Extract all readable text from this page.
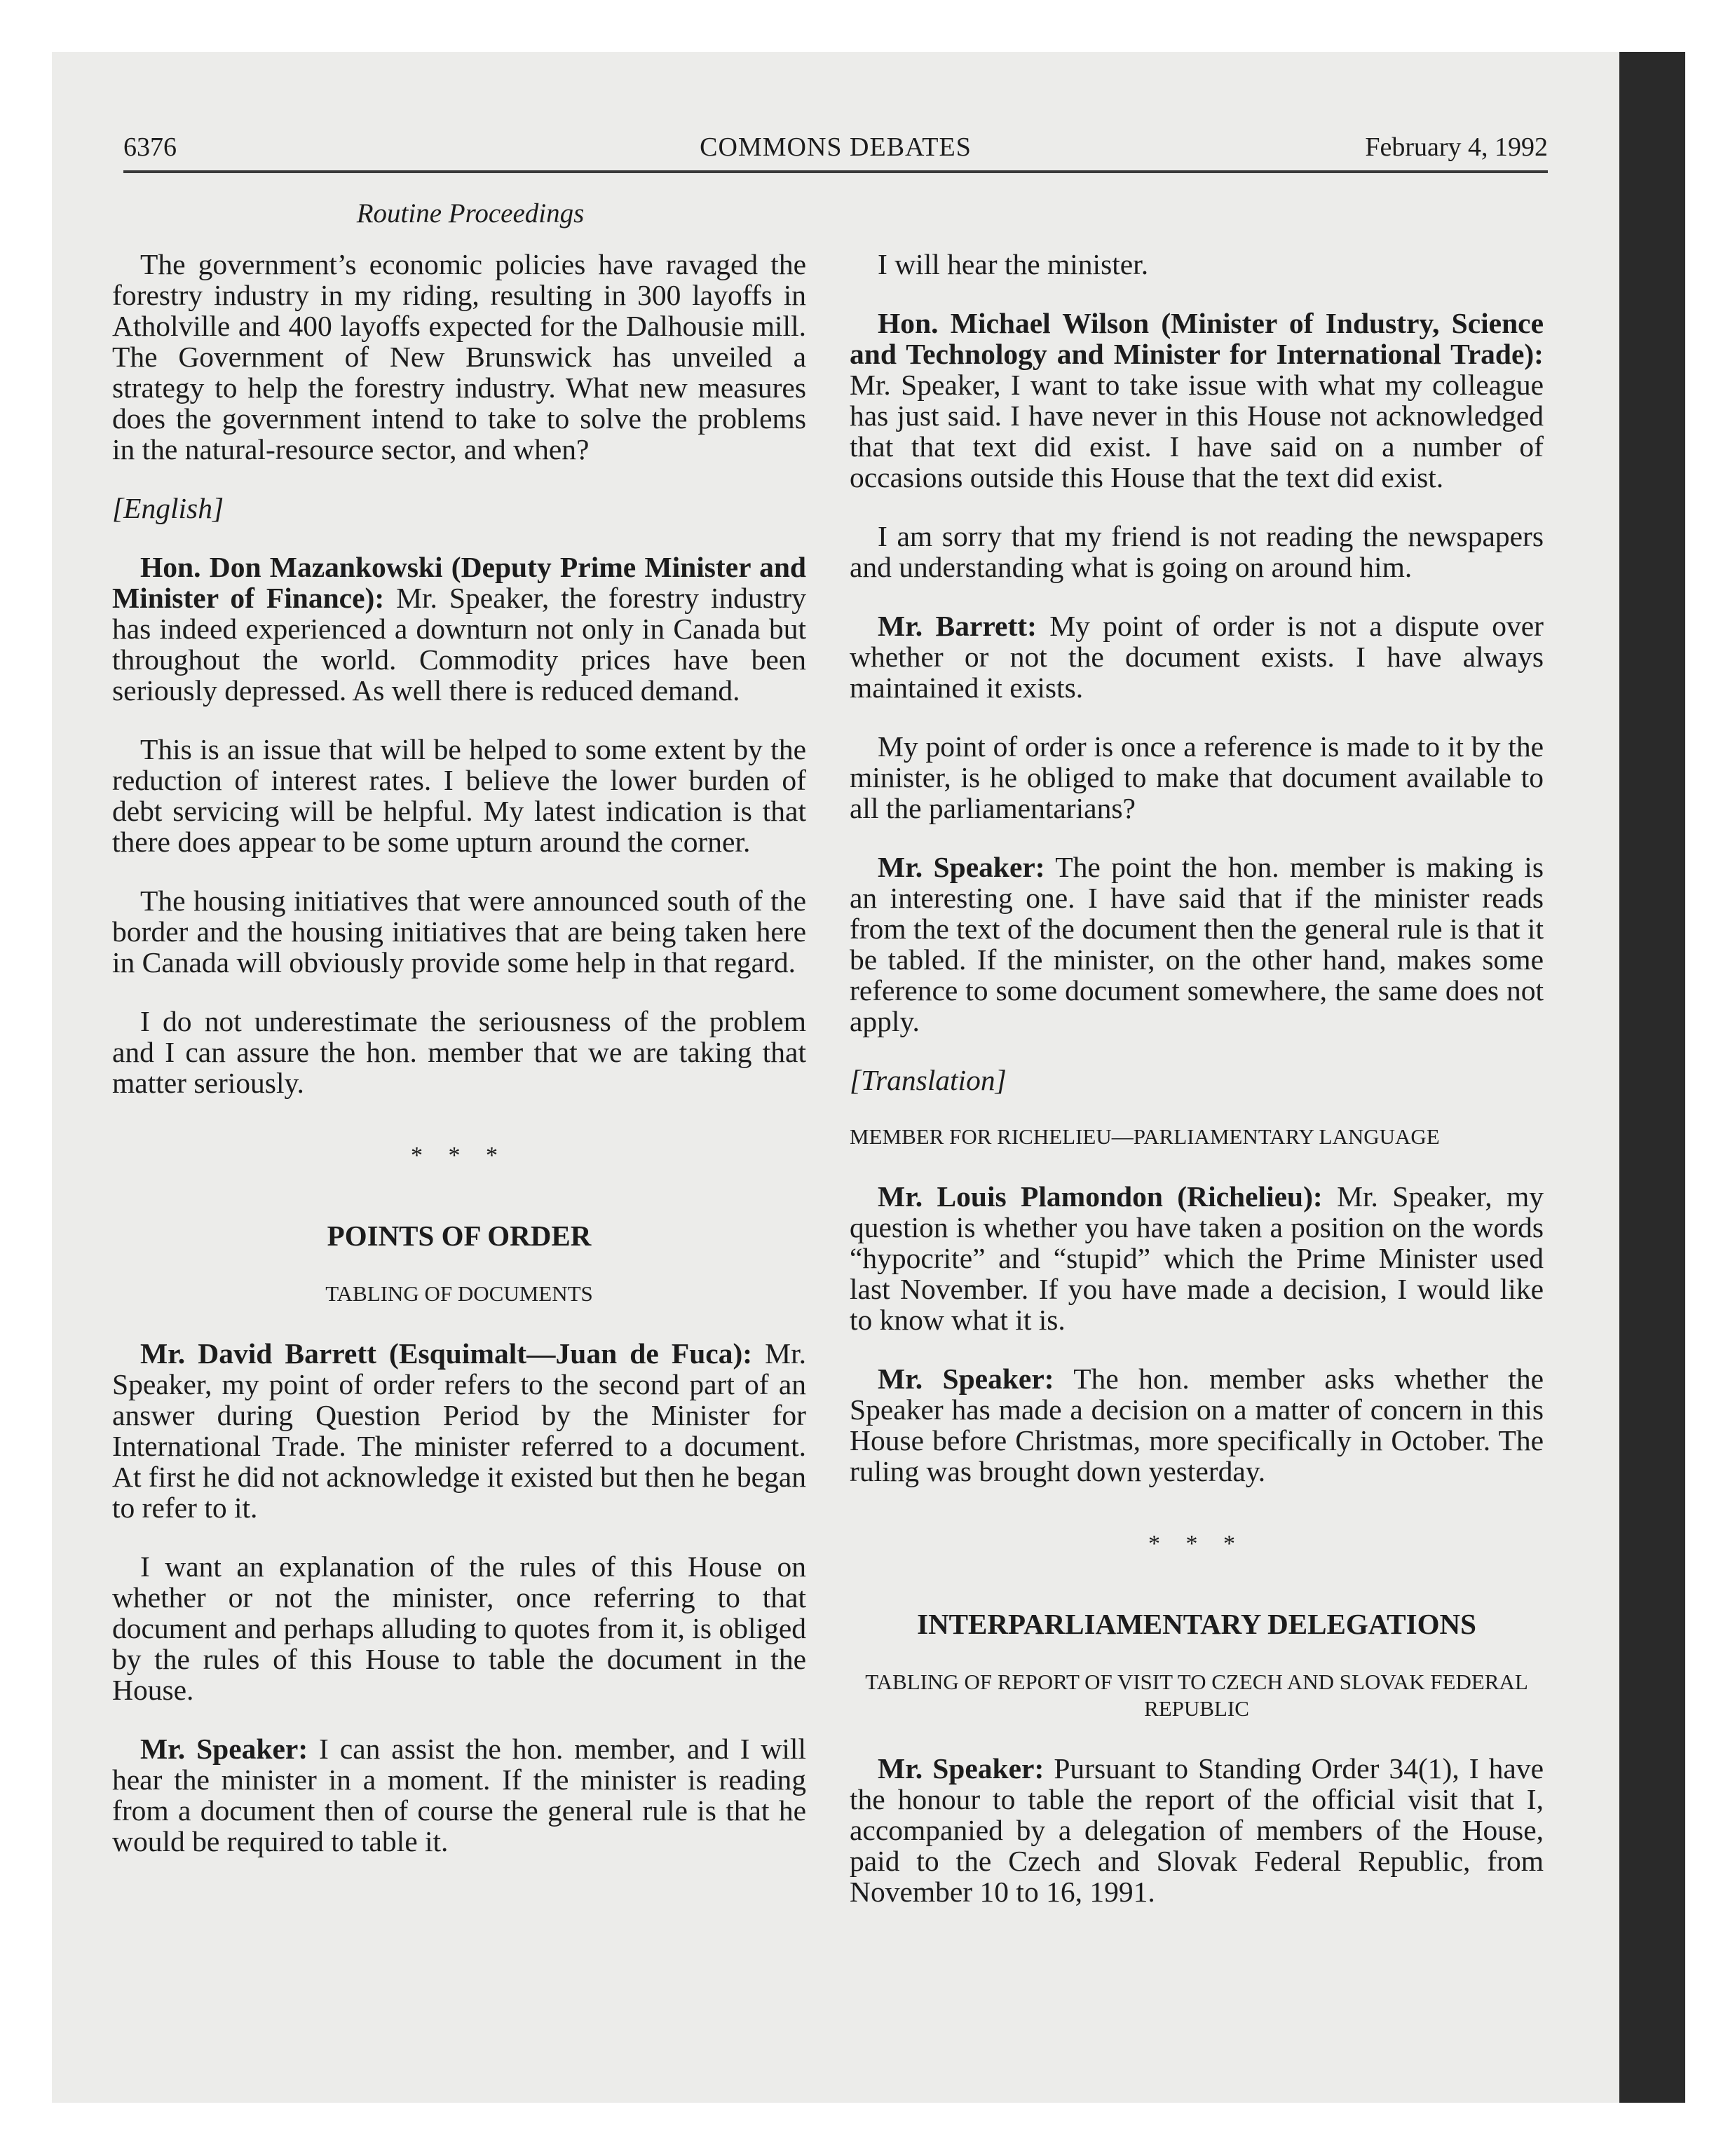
6376	COMMONS DEBATES	February 4, 1992
Routine Proceedings

The government’s economic policies have ravaged the forestry industry in my riding, resulting in 300 layoffs in Atholville and 400 layoffs expected for the Dalhousie mill. The Government of New Brunswick has unveiled a strategy to help the forestry industry. What new measures does the government intend to take to solve the problems in the natural-resource sector, and when?

[English]

Hon. Don Mazankowski (Deputy Prime Minister and Minister of Finance): Mr. Speaker, the forestry industry has indeed experienced a downturn not only in Canada but throughout the world. Commodity prices have been seriously depressed. As well there is reduced demand.

This is an issue that will be helped to some extent by the reduction of interest rates. I believe the lower burden of debt servicing will be helpful. My latest indication is that there does appear to be some upturn around the corner.

The housing initiatives that were announced south of the border and the housing initiatives that are being taken here in Canada will obviously provide some help in that regard.

I do not underestimate the seriousness of the problem and I can assure the hon. member that we are taking that matter seriously.

* * *
POINTS OF ORDER
TABLING OF DOCUMENTS

Mr. David Barrett (Esquimalt—Juan de Fuca): Mr. Speaker, my point of order refers to the second part of an answer during Question Period by the Minister for International Trade. The minister referred to a document. At first he did not acknowledge it existed but then he began to refer to it.

I want an explanation of the rules of this House on whether or not the minister, once referring to that document and perhaps alluding to quotes from it, is obliged by the rules of this House to table the document in the House.

Mr. Speaker: I can assist the hon. member, and I will hear the minister in a moment. If the minister is reading from a document then of course the general rule is that he would be required to table it.

I will hear the minister.

Hon. Michael Wilson (Minister of Industry, Science and Technology and Minister for International Trade): Mr. Speaker, I want to take issue with what my colleague has just said. I have never in this House not acknowledged that that text did exist. I have said on a number of occasions outside this House that the text did exist.

I am sorry that my friend is not reading the newspapers and understanding what is going on around him.

Mr. Barrett: My point of order is not a dispute over whether or not the document exists. I have always maintained it exists.

My point of order is once a reference is made to it by the minister, is he obliged to make that document available to all the parliamentarians?

Mr. Speaker: The point the hon. member is making is an interesting one. I have said that if the minister reads from the text of the document then the general rule is that it be tabled. If the minister, on the other hand, makes some reference to some document somewhere, the same does not apply.

[Translation]
MEMBER FOR RICHELIEU—PARLIAMENTARY LANGUAGE

Mr. Louis Plamondon (Richelieu): Mr. Speaker, my question is whether you have taken a position on the words “hypocrite” and “stupid” which the Prime Minister used last November. If you have made a decision, I would like to know what it is.

Mr. Speaker: The hon. member asks whether the Speaker has made a decision on a matter of concern in this House before Christmas, more specifically in October. The ruling was brought down yesterday.

* * *
INTERPARLIAMENTARY DELEGATIONS
TABLING OF REPORT OF VISIT TO CZECH AND SLOVAK FEDERAL REPUBLIC

Mr. Speaker: Pursuant to Standing Order 34(1), I have the honour to table the report of the official visit that I, accompanied by a delegation of members of the House, paid to the Czech and Slovak Federal Republic, from November 10 to 16, 1991.
